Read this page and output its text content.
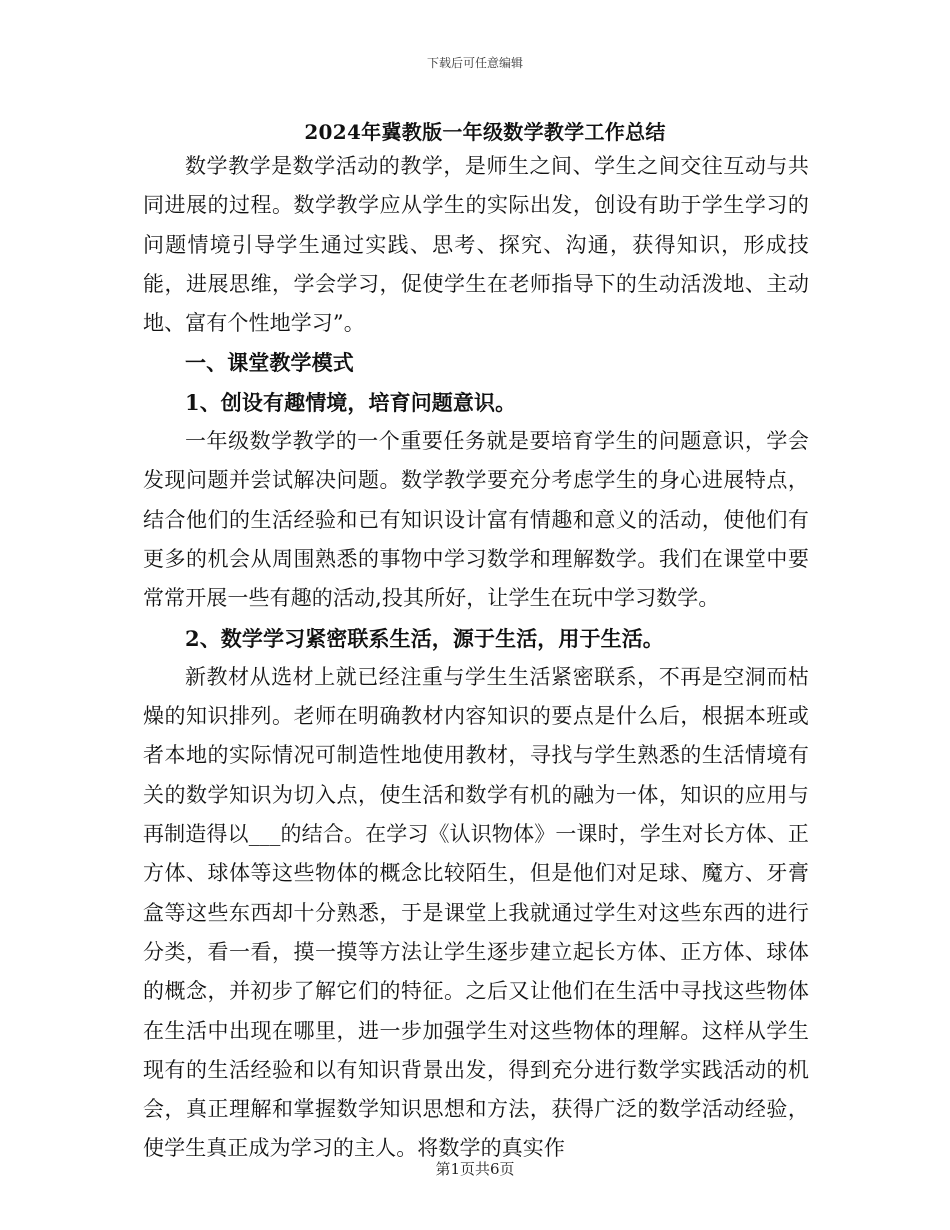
下载后可任意编辑
2024年冀教版一年级数学教学工作总结

数学教学是数学活动的教学，是师生之间、学生之间交往互动与共同进展的过程。数学教学应从学生的实际出发，创设有助于学生学习的问题情境引导学生通过实践、思考、探究、沟通，获得知识，形成技能，进展思维，学会学习，促使学生在老师指导下的生动活泼地、主动地、富有个性地学习”。

一、课堂教学模式

1、创设有趣情境，培育问题意识。

一年级数学教学的一个重要任务就是要培育学生的问题意识，学会发现问题并尝试解决问题。数学教学要充分考虑学生的身心进展特点，结合他们的生活经验和已有知识设计富有情趣和意义的活动，使他们有更多的机会从周围熟悉的事物中学习数学和理解数学。我们在课堂中要常常开展一些有趣的活动,投其所好，让学生在玩中学习数学。

2、数学学习紧密联系生活，源于生活，用于生活。

新教材从选材上就已经注重与学生生活紧密联系，不再是空洞而枯燥的知识排列。老师在明确教材内容知识的要点是什么后，根据本班或者本地的实际情况可制造性地使用教材，寻找与学生熟悉的生活情境有关的数学知识为切入点，使生活和数学有机的融为一体，知识的应用与再制造得以___的结合。在学习《认识物体》一课时，学生对长方体、正方体、球体等这些物体的概念比较陌生，但是他们对足球、魔方、牙膏盒等这些东西却十分熟悉，于是课堂上我就通过学生对这些东西的进行分类，看一看，摸一摸等方法让学生逐步建立起长方体、正方体、球体的概念，并初步了解它们的特征。之后又让他们在生活中寻找这些物体在生活中出现在哪里，进一步加强学生对这些物体的理解。这样从学生现有的生活经验和以有知识背景出发，得到充分进行数学实践活动的机会，真正理解和掌握数学知识思想和方法，获得广泛的数学活动经验，使学生真正成为学习的主人。将数学的真实作

第1页共6页
